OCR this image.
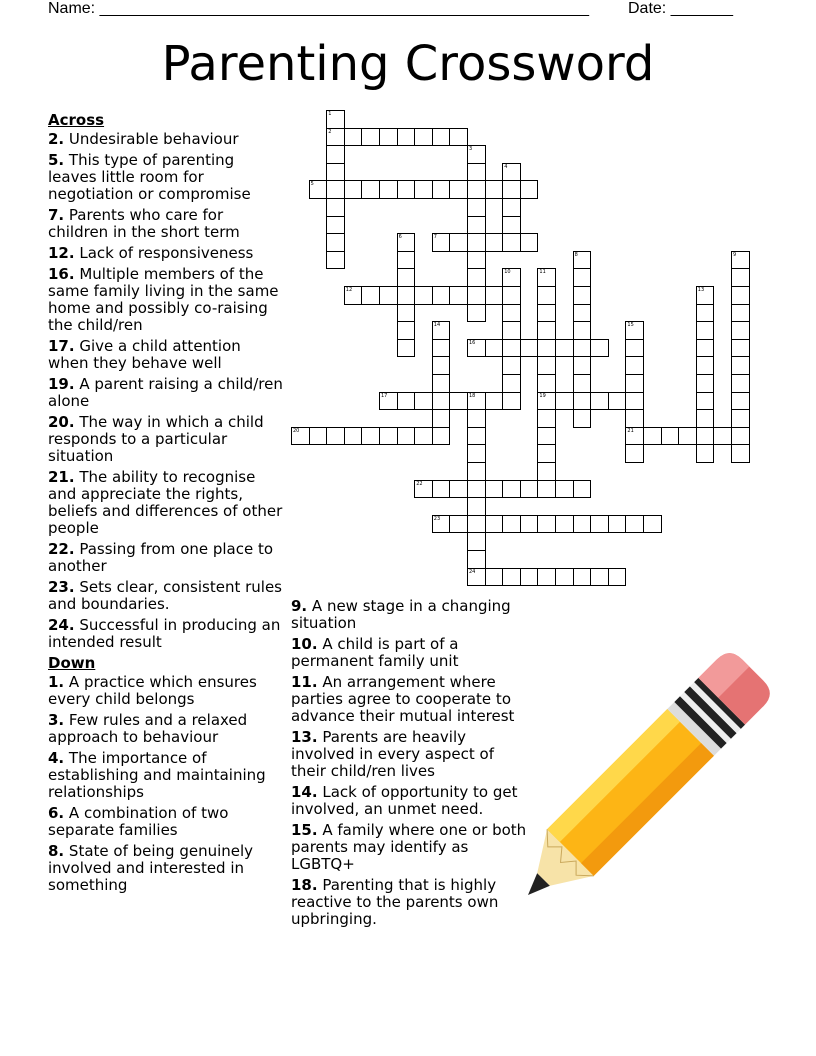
Name: _______________________________________________________ Date: _______
Parenting Crossword
Across
2. Undesirable behaviour
5. This type of parenting leaves little room for negotiation or compromise
7. Parents who care for children in the short term
12. Lack of responsiveness
16. Multiple members of the same family living in the same home and possibly co-raising the child/ren
17. Give a child attention when they behave well
19. A parent raising a child/ren alone
20. The way in which a child responds to a particular situation
21. The ability to recognise and appreciate the rights, beliefs and differences of other people
22. Passing from one place to another
23. Sets clear, consistent rules and boundaries.
24. Successful in producing an intended result
Down
1. A practice which ensures every child belongs
3. Few rules and a relaxed approach to behaviour
4. The importance of establishing and maintaining relationships
6. A combination of two separate families
8. State of being genuinely involved and interested in something
9. A new stage in a changing situation
10. A child is part of a permanent family unit
11. An arrangement where parties agree to cooperate to advance their mutual interest
13. Parents are heavily involved in every aspect of their child/ren lives
14. Lack of opportunity to get involved, an unmet need.
15. A family where one or both parents may identify as LGBTQ+
18. Parenting that is highly reactive to the parents own upbringing.
1
2
3
4
5
6	7
8	9
10	11
19
12	13
14	15
21
16
17	18
24
20
22
23
